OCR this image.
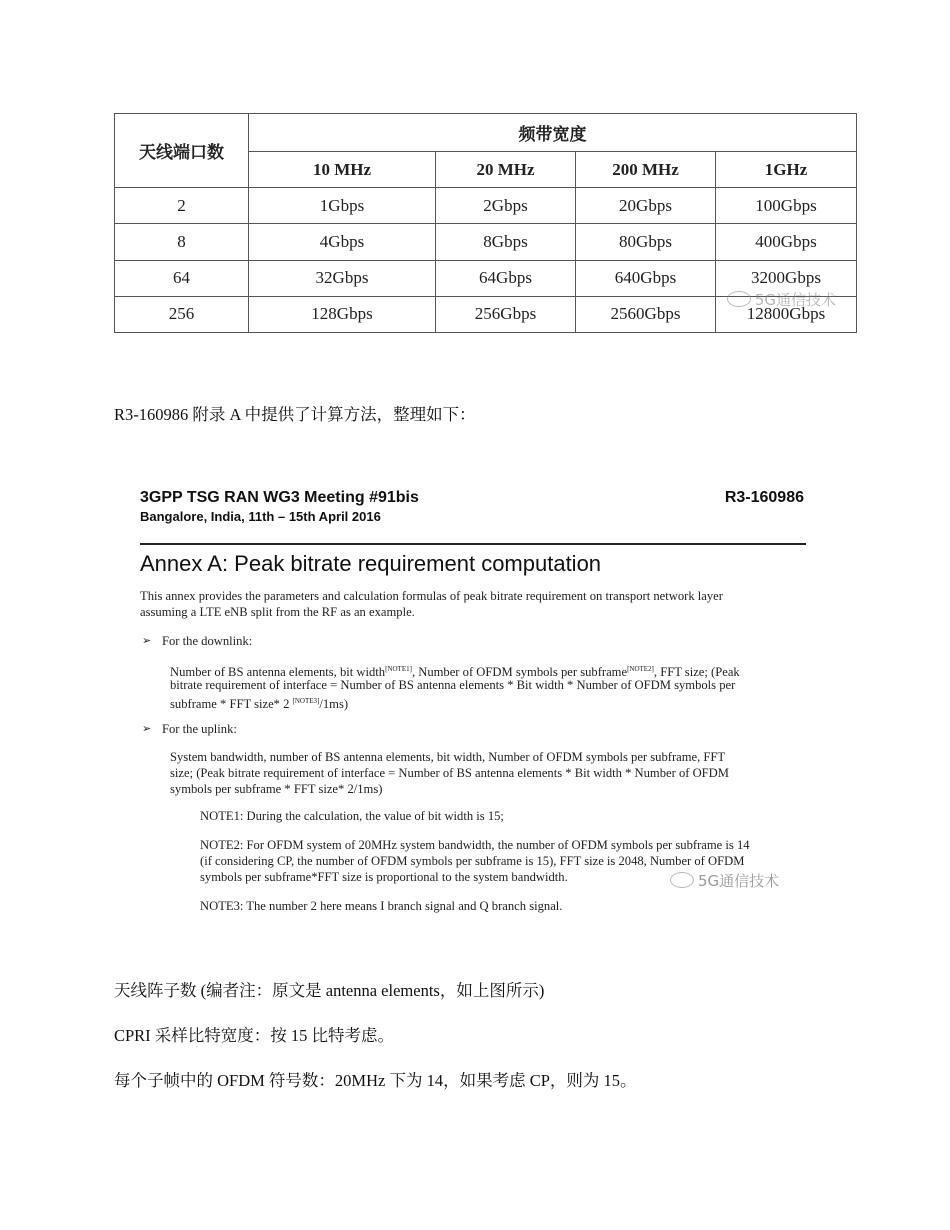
天线端口数	频带宽度			
	10 MHz	20 MHz	200 MHz	1GHz
2	1Gbps	2Gbps	20Gbps	100Gbps
8	4Gbps	8Gbps	80Gbps	400Gbps
64	32Gbps	64Gbps	640Gbps	3200Gbps
256	128Gbps	256Gbps	2560Gbps	12800Gbps
5G通信技术
R3-160986 附录 A 中提供了计算方法，整理如下：
3GPP TSG RAN WG3 Meeting #91bis
Bangalore, India, 11th – 15th April 2016
R3-160986
Annex A: Peak bitrate requirement computation
This annex provides the parameters and calculation formulas of peak bitrate requirement on transport network layer
assuming a LTE eNB split from the RF as an example.
➢ For the downlink:
Number of BS antenna elements, bit width[NOTE1], Number of OFDM symbols per subframe[NOTE2], FFT size; (Peak
bitrate requirement of interface = Number of BS antenna elements * Bit width * Number of OFDM symbols per
subframe * FFT size* 2 [NOTE3]/1ms)
➢ For the uplink:
System bandwidth, number of BS antenna elements, bit width, Number of OFDM symbols per subframe, FFT
size; (Peak bitrate requirement of interface = Number of BS antenna elements * Bit width * Number of OFDM
symbols per subframe * FFT size* 2/1ms)
NOTE1: During the calculation, the value of bit width is 15;
NOTE2: For OFDM system of 20MHz system bandwidth, the number of OFDM symbols per subframe is 14
(if considering CP, the number of OFDM symbols per subframe is 15), FFT size is 2048, Number of OFDM
symbols per subframe*FFT size is proportional to the system bandwidth.
NOTE3: The number 2 here means I branch signal and Q branch signal.
5G通信技术
天线阵子数 (编者注：原文是 antenna elements，如上图所示)
CPRI 采样比特宽度：按 15 比特考虑。
每个子帧中的 OFDM 符号数：20MHz 下为 14，如果考虑 CP，则为 15。
